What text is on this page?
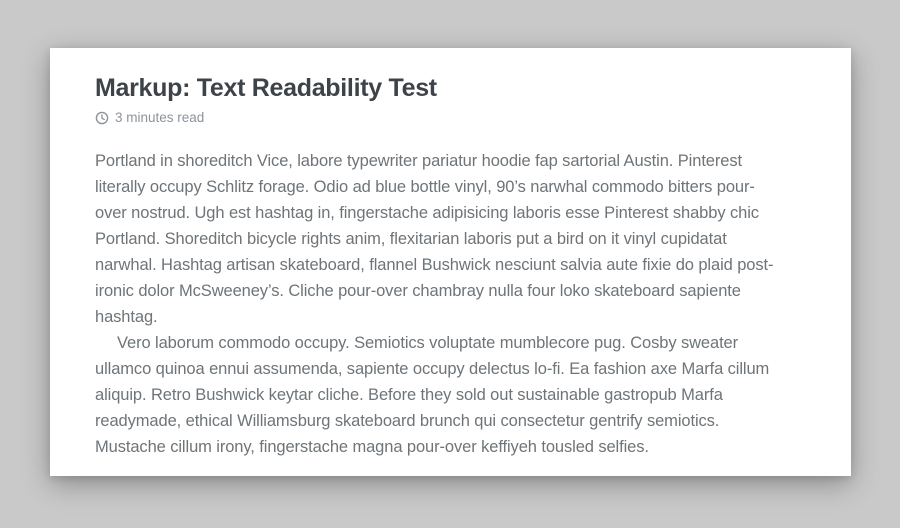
Markup: Text Readability Test
3 minutes read

Portland in shoreditch Vice, labore typewriter pariatur hoodie fap sartorial Austin. Pinterest
literally occupy Schlitz forage. Odio ad blue bottle vinyl, 90’s narwhal commodo bitters pour-
over nostrud. Ugh est hashtag in, fingerstache adipisicing laboris esse Pinterest shabby chic
Portland. Shoreditch bicycle rights anim, flexitarian laboris put a bird on it vinyl cupidatat
narwhal. Hashtag artisan skateboard, flannel Bushwick nesciunt salvia aute fixie do plaid post-
ironic dolor McSweeney’s. Cliche pour-over chambray nulla four loko skateboard sapiente
hashtag.

Vero laborum commodo occupy. Semiotics voluptate mumblecore pug. Cosby sweater
ullamco quinoa ennui assumenda, sapiente occupy delectus lo-fi. Ea fashion axe Marfa cillum
aliquip. Retro Bushwick keytar cliche. Before they sold out sustainable gastropub Marfa
readymade, ethical Williamsburg skateboard brunch qui consectetur gentrify semiotics.
Mustache cillum irony, fingerstache magna pour-over keffiyeh tousled selfies.
